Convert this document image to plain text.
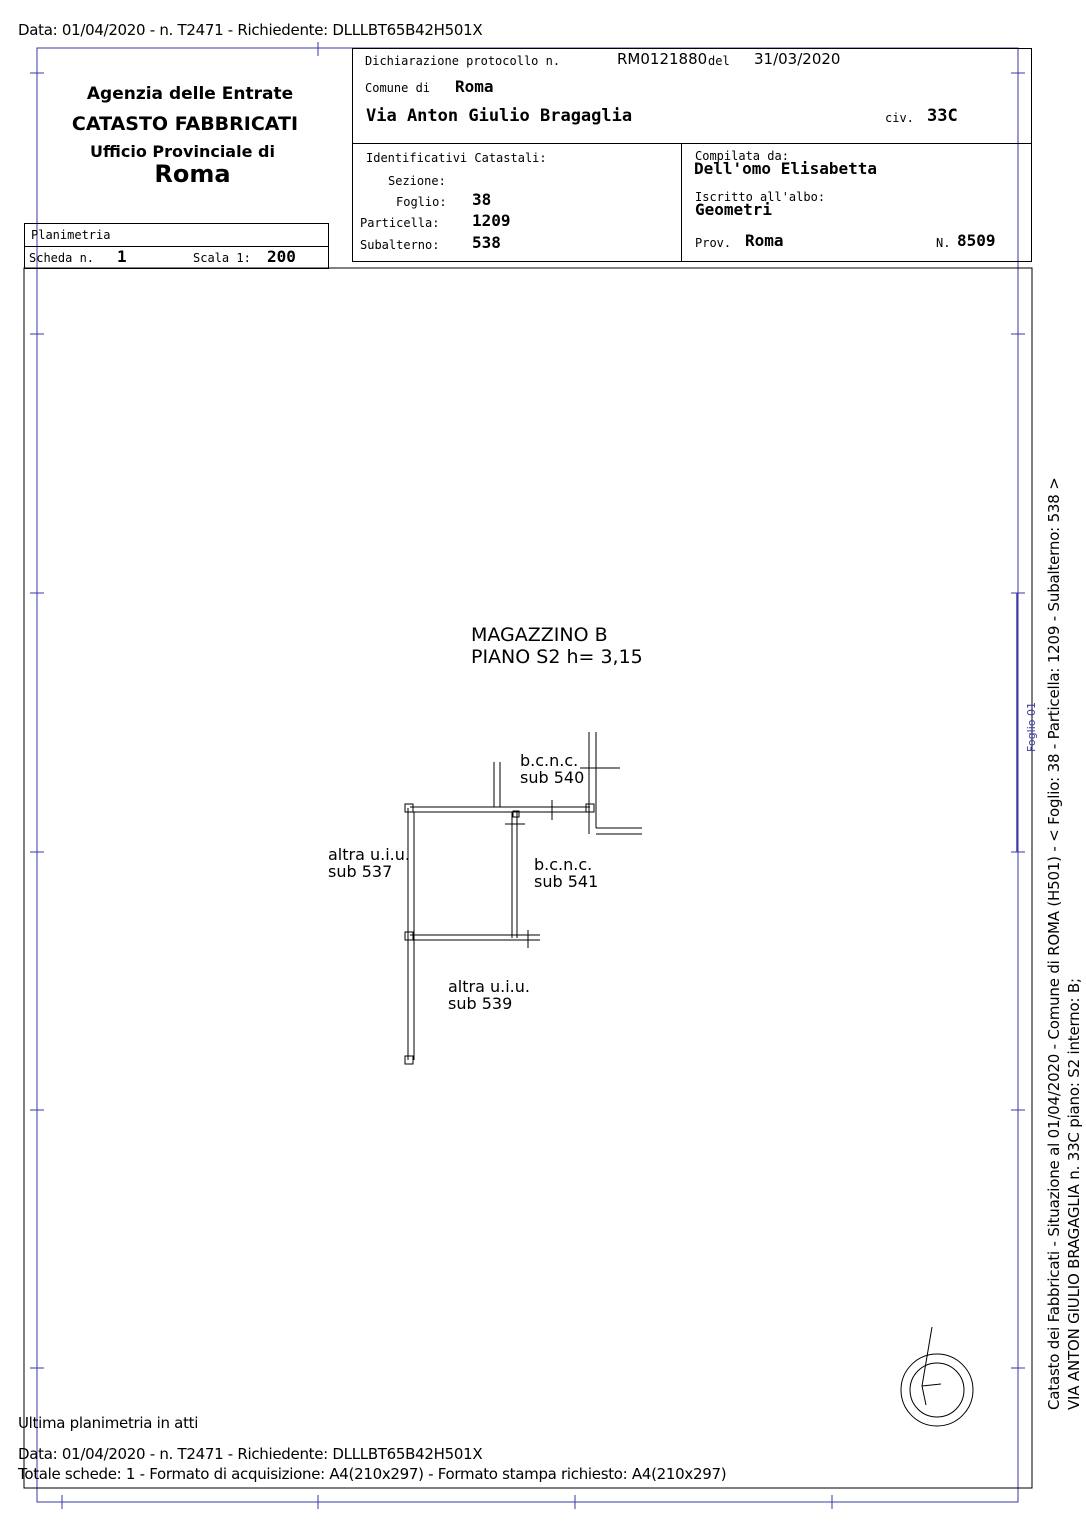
Data: 01/04/2020 - n. T2471 - Richiedente: DLLLBT65B42H501X
Agenzia delle Entrate
CATASTO FABBRICATI
Ufficio Provinciale di
Roma
Planimetria
Scheda n. 1	Scala 1: 200
Dichiarazione protocollo n.	RM0121880 del 31/03/2020
Comune di Roma
Via Anton Giulio Bragaglia	civ. 33C
Identificativi Catastali:
Sezione:
Foglio: 38
Particella: 1209
Subalterno: 538
Compilata da:
Dell'omo Elisabetta
Iscritto all'albo:
Geometri
Prov. Roma	N. 8509
MAGAZZINO B
PIANO S2 h= 3,15
b.c.n.c.
sub 540
altra u.i.u.
sub 537	b.c.n.c.
sub 541
altra u.i.u.
sub 539	Catasto dei Fabbricati - Situazione al 01/04/2020 - Comune di ROMA (H501) - < Foglio: 38 - Particella: 1209 - Subalterno: 538 > VIA ANTON GIULIO BRAGAGLIA n. 33C piano: S2 interno: B;
Foglio 01
Ultima planimetria in atti
Data: 01/04/2020 - n. T2471 - Richiedente: DLLLBT65B42H501X
Totale schede: 1 - Formato di acquisizione: A4(210x297) - Formato stampa richiesto: A4(210x297)
